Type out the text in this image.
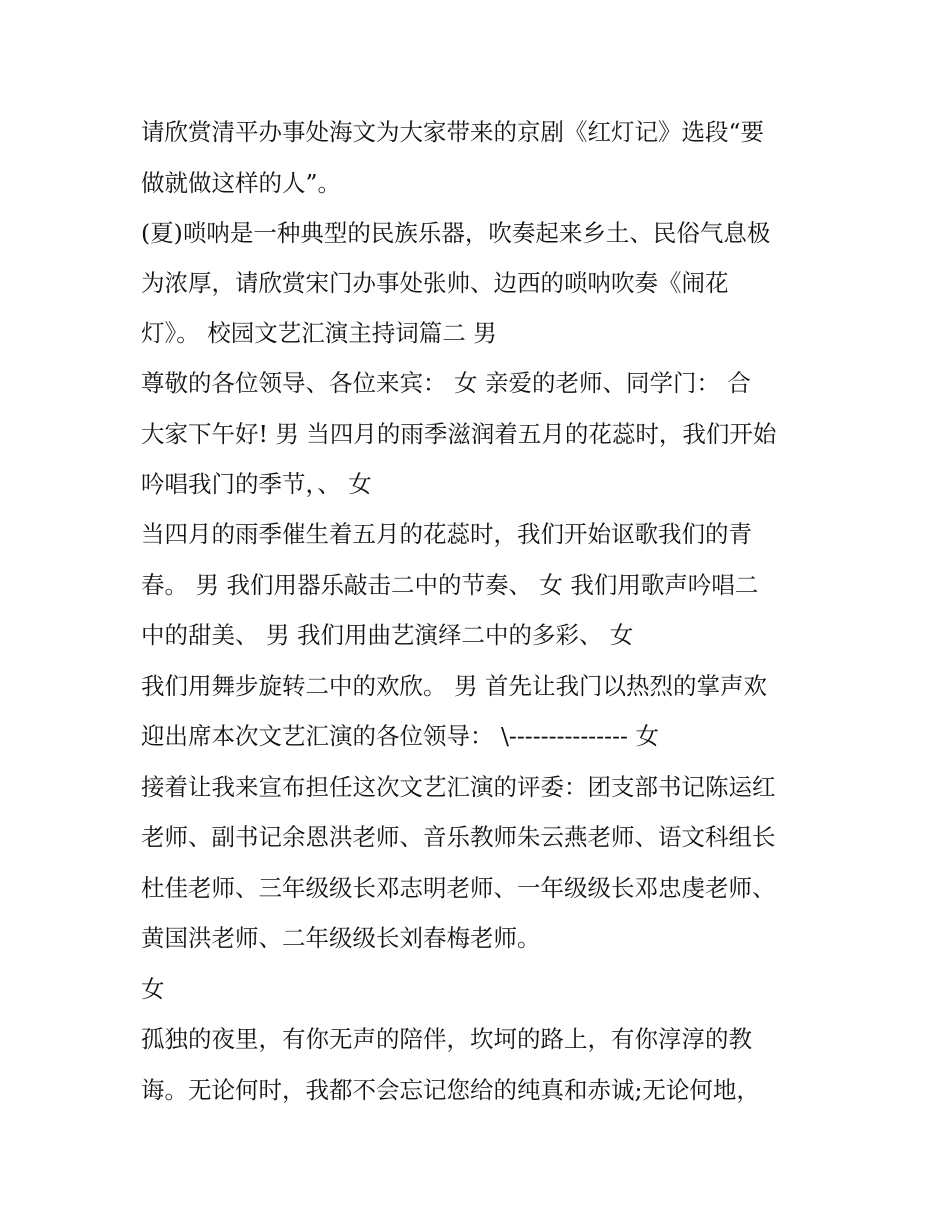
请欣赏清平办事处海文为大家带来的京剧《红灯记》选段“要
做就做这样的人”。
(夏)唢呐是一种典型的民族乐器，吹奏起来乡土、民俗气息极
为浓厚，请欣赏宋门办事处张帅、边西的唢呐吹奏《闹花
灯》。 校园文艺汇演主持词篇二 男
尊敬的各位领导、各位来宾： 女 亲爱的老师、同学门： 合
大家下午好! 男 当四月的雨季滋润着五月的花蕊时，我们开始
吟唱我门的季节，、 女
当四月的雨季催生着五月的花蕊时，我们开始讴歌我们的青
春。 男 我们用器乐敲击二中的节奏、 女 我们用歌声吟唱二
中的甜美、 男 我们用曲艺演绎二中的多彩、 女
我们用舞步旋转二中的欢欣。 男 首先让我门以热烈的掌声欢
迎出席本次文艺汇演的各位领导： \--------------- 女
接着让我来宣布担任这次文艺汇演的评委：团支部书记陈运红
老师、副书记余恩洪老师、音乐教师朱云燕老师、语文科组长
杜佳老师、三年级级长邓志明老师、一年级级长邓忠虔老师、
黄国洪老师、二年级级长刘春梅老师。
女
孤独的夜里，有你无声的陪伴，坎坷的路上，有你淳淳的教
诲。无论何时，我都不会忘记您给的纯真和赤诚;无论何地，
